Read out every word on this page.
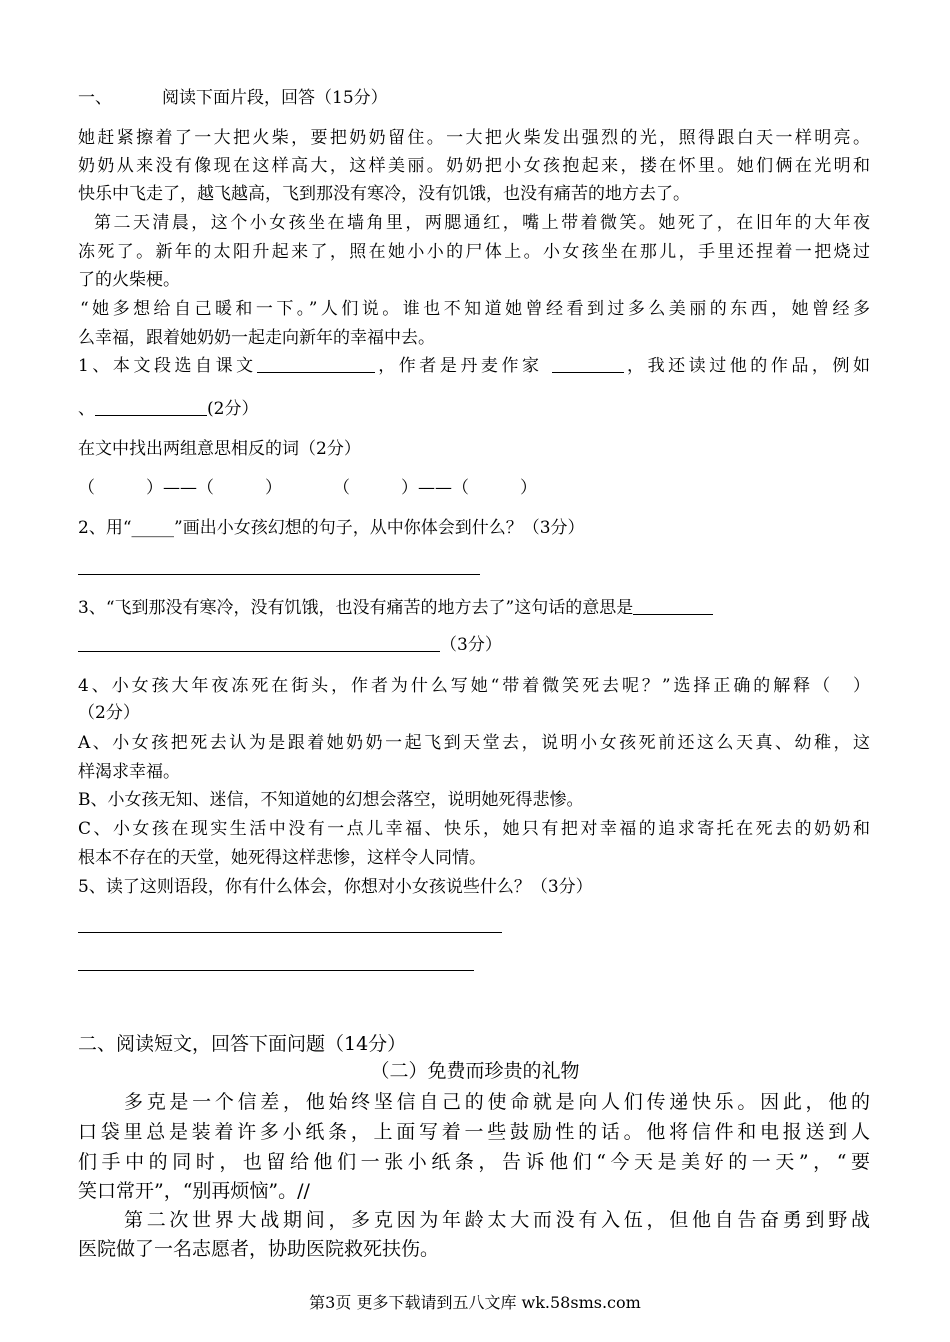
一、	阅读下面片段，回答（15分）
她赶紧擦着了一大把火柴，要把奶奶留住。一大把火柴发出强烈的光，照得跟白天一样明亮。
奶奶从来没有像现在这样高大，这样美丽。奶奶把小女孩抱起来，搂在怀里。她们俩在光明和
快乐中飞走了，越飞越高，飞到那没有寒冷，没有饥饿，也没有痛苦的地方去了。
第二天清晨，这个小女孩坐在墙角里，两腮通红，嘴上带着微笑。她死了，在旧年的大年夜
冻死了。新年的太阳升起来了，照在她小小的尸体上。小女孩坐在那儿，手里还捏着一把烧过
了的火柴梗。
“她多想给自己暖和一下。”人们说。谁也不知道她曾经看到过多么美丽的东西，她曾经多
么幸福，跟着她奶奶一起走向新年的幸福中去。
1、本文段选自课文	，作者是丹麦作家	，我还读过他的作品，例如
、	(2分）
在文中找出两组意思相反的词（2分）
（　　　）——（　　　）　　　　（　　　）——（　　　）
2、用“_____”画出小女孩幻想的句子，从中你体会到什么？（3分）
3、“飞到那没有寒冷，没有饥饿，也没有痛苦的地方去了”这句话的意思是
（3分）
4、小女孩大年夜冻死在街头，作者为什么写她“带着微笑死去呢？”选择正确的解释（　）
（2分）
A、小女孩把死去认为是跟着她奶奶一起飞到天堂去，说明小女孩死前还这么天真、幼稚，这
样渴求幸福。
B、小女孩无知、迷信，不知道她的幻想会落空，说明她死得悲惨。
C、小女孩在现实生活中没有一点儿幸福、快乐，她只有把对幸福的追求寄托在死去的奶奶和
根本不存在的天堂，她死得这样悲惨，这样令人同情。
5、读了这则语段，你有什么体会，你想对小女孩说些什么？（3分）
二、阅读短文，回答下面问题（14分）
（二）免费而珍贵的礼物
多克是一个信差，他始终坚信自己的使命就是向人们传递快乐。因此，他的
口袋里总是装着许多小纸条，上面写着一些鼓励性的话。他将信件和电报送到人
们手中的同时，也留给他们一张小纸条，告诉他们“今天是美好的一天”，“要
笑口常开”，“别再烦恼”。//
第二次世界大战期间，多克因为年龄太大而没有入伍，但他自告奋勇到野战
医院做了一名志愿者，协助医院救死扶伤。
第3页 更多下载请到五八文库 wk.58sms.com
